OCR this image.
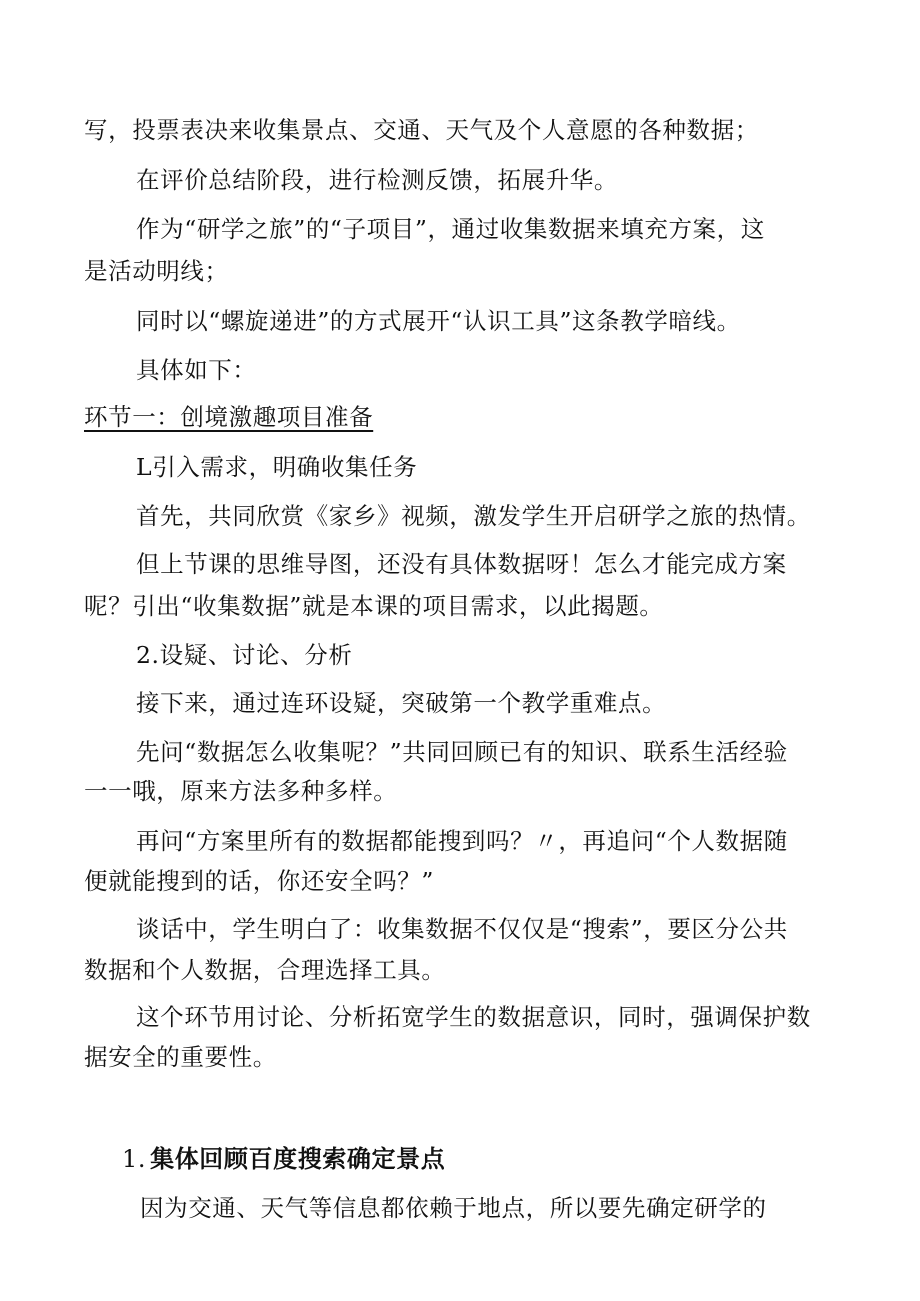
写，投票表决来收集景点、交通、天气及个人意愿的各种数据；
在评价总结阶段，进行检测反馈，拓展升华。
作为“研学之旅”的“子项目”，通过收集数据来填充方案，这
是活动明线；
同时以“螺旋递进”的方式展开“认识工具”这条教学暗线。
具体如下：
环节一：创境激趣项目准备
L引入需求，明确收集任务
首先，共同欣赏《家乡》视频，激发学生开启研学之旅的热情。
但上节课的思维导图，还没有具体数据呀！怎么才能完成方案
呢？引出“收集数据”就是本课的项目需求，以此揭题。
2.设疑、讨论、分析
接下来，通过连环设疑，突破第一个教学重难点。
先问“数据怎么收集呢？”共同回顾已有的知识、联系生活经验
一一哦，原来方法多种多样。
再问“方案里所有的数据都能搜到吗？〃，再追问“个人数据随
便就能搜到的话，你还安全吗？”
谈话中，学生明白了：收集数据不仅仅是“搜索”，要区分公共
数据和个人数据，合理选择工具。
这个环节用讨论、分析拓宽学生的数据意识，同时，强调保护数
据安全的重要性。
1. 集体回顾百度搜索确定景点
因为交通、天气等信息都依赖于地点，所以要先确定研学的
